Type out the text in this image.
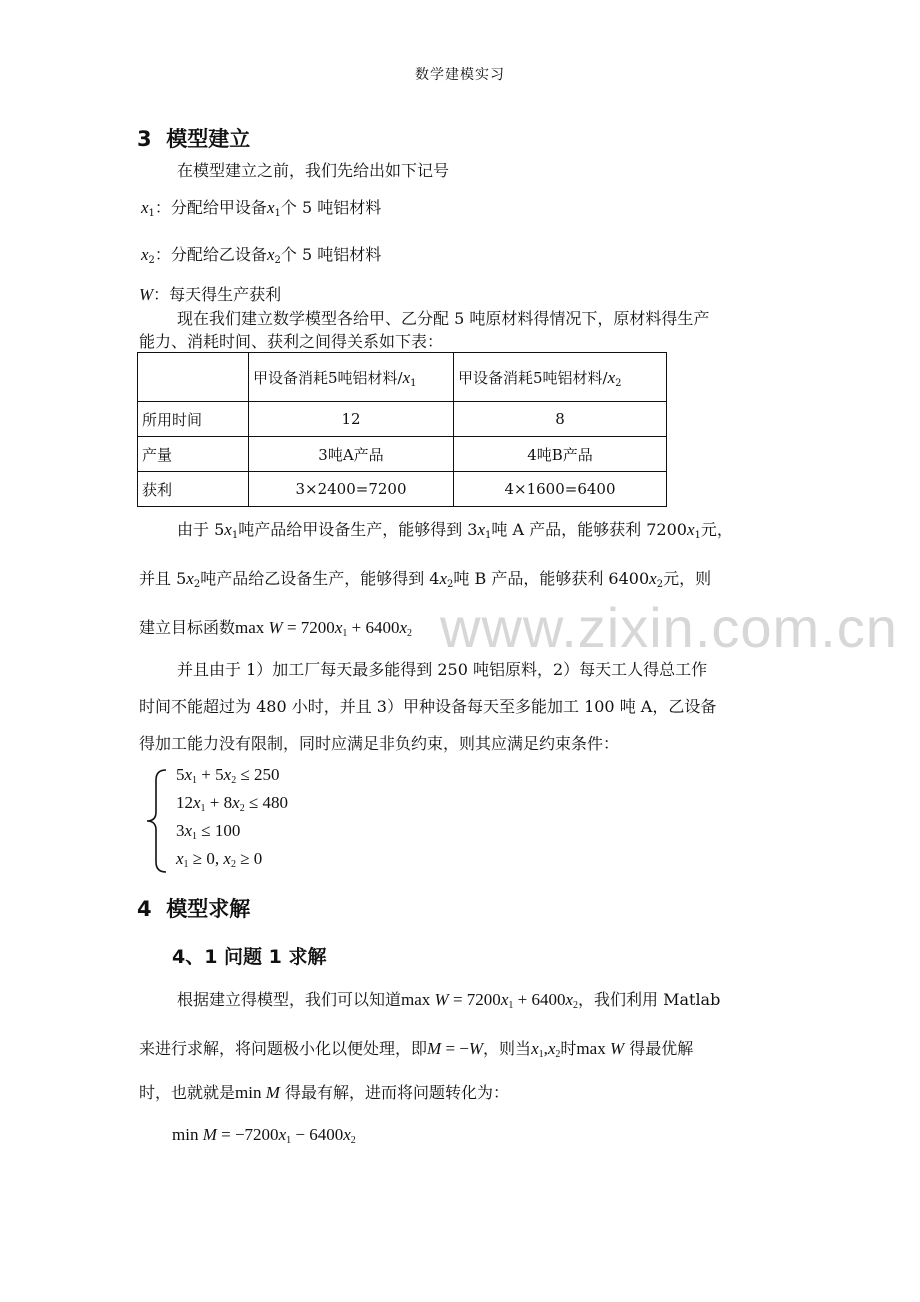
数学建模实习
3 模型建立
在模型建立之前，我们先给出如下记号
$x_1$：分配给甲设备$x_1$个 5 吨铝材料
$x_2$：分配给乙设备$x_2$个 5 吨铝材料
W：每天得生产获利
现在我们建立数学模型各给甲、乙分配 5 吨原材料得情况下，原材料得生产
能力、消耗时间、获利之间得关系如下表：
	甲设备消耗5吨铝材料$/x_1$	甲设备消耗5吨铝材料$/x_2$
所用时间	12	8
产量	3吨A产品	4吨B产品
获利	3×2400=7200	4×1600=6400
www.zixin.com.cn
由于 $5x_1$吨产品给甲设备生产，能够得到 $3x_1$吨 A 产品，能够获利 $7200x_1$元，
并且 $5x_2$吨产品给乙设备生产，能够得到 $4x_2$吨 B 产品，能够获利 $6400x_2$元，则
建立目标函数$\max W = 7200x_1 + 6400x_2$
并且由于 1）加工厂每天最多能得到 250 吨铝原料，2）每天工人得总工作
时间不能超过为 480 小时，并且 3）甲种设备每天至多能加工 100 吨 A，乙设备
得加工能力没有限制，同时应满足非负约束，则其应满足约束条件：
$5x_1 + 5x_2 \le 250$
$12x_1 + 8x_2 \le 480$
$3x_1 \le 100$
$x_1 \ge 0$, $x_2 \ge 0$
4 模型求解
4、1 问题 1 求解
根据建立得模型，我们可以知道$\max W = 7200x_1 + 6400x_2$，我们利用 Matlab
来进行求解，将问题极小化以便处理，即M = −W，则当$x_1,x_2$时max W 得最优解
时，也就就是min M 得最有解，进而将问题转化为：
$\min M = -7200x_1 - 6400x_2$
